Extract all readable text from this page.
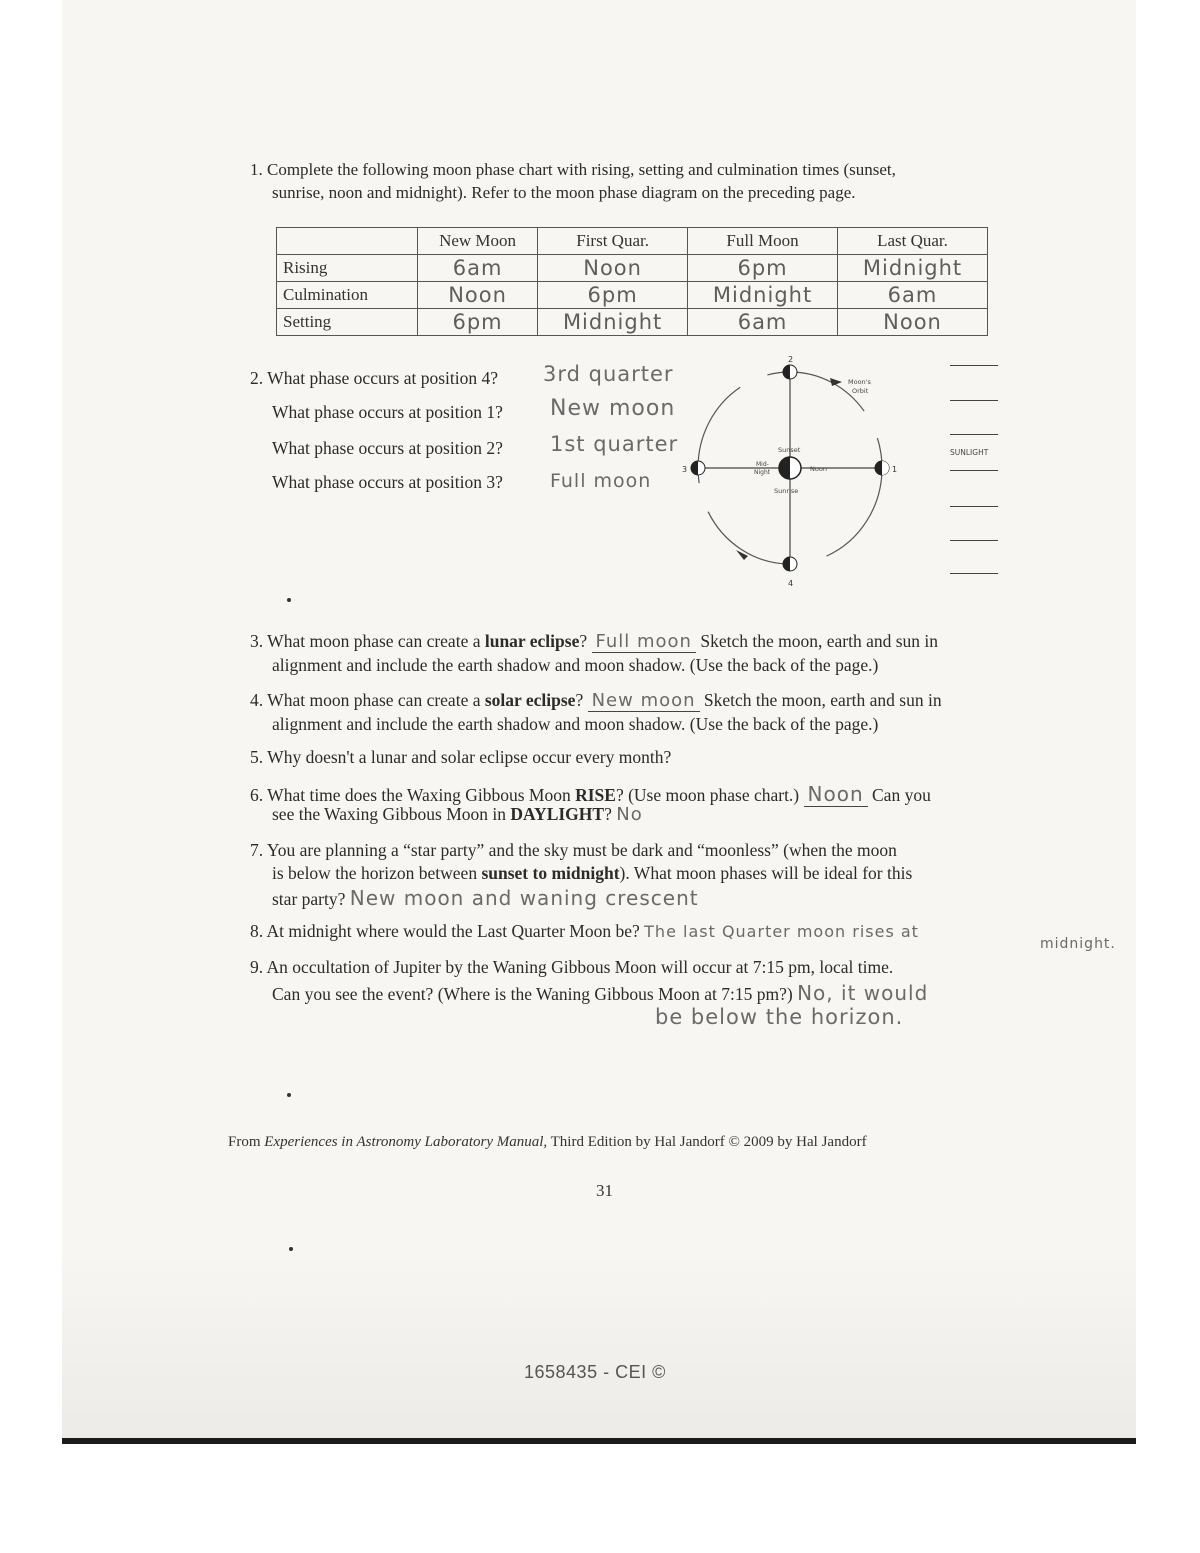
1. Complete the following moon phase chart with rising, setting and culmination times (sunset,
sunrise, noon and midnight). Refer to the moon phase diagram on the preceding page.
	New Moon	First Quar.	Full Moon	Last Quar.
Rising	6am	Noon	6pm	Midnight
Culmination	Noon	6pm	Midnight	6am
Setting	6pm	Midnight	6am	Noon
2. What phase occurs at position 4? 3rd quarter
What phase occurs at position 1? New moon
What phase occurs at position 2? 1st quarter
What phase occurs at position 3? Full moon
2
4
3	1
Moon's
Orbit
Sunset
Sunrise
Mid-
Night	Noon
SUNLIGHT
3. What moon phase can create a lunar eclipse? Full moon Sketch the moon, earth and sun in
alignment and include the earth shadow and moon shadow. (Use the back of the page.)
4. What moon phase can create a solar eclipse? New moon Sketch the moon, earth and sun in
alignment and include the earth shadow and moon shadow. (Use the back of the page.)
5. Why doesn't a lunar and solar eclipse occur every month?
6. What time does the Waxing Gibbous Moon RISE? (Use moon phase chart.) Noon Can you
see the Waxing Gibbous Moon in DAYLIGHT? No
7. You are planning a “star party” and the sky must be dark and “moonless” (when the moon
is below the horizon between sunset to midnight). What moon phases will be ideal for this
star party? New moon and waning crescent
8. At midnight where would the Last Quarter Moon be? The last Quarter moon rises at
midnight.
9. An occultation of Jupiter by the Waning Gibbous Moon will occur at 7:15 pm, local time.
Can you see the event? (Where is the Waning Gibbous Moon at 7:15 pm?) No, it would
be below the horizon.
From Experiences in Astronomy Laboratory Manual, Third Edition by Hal Jandorf © 2009 by Hal Jandorf
31
1658435 - CEI ©
